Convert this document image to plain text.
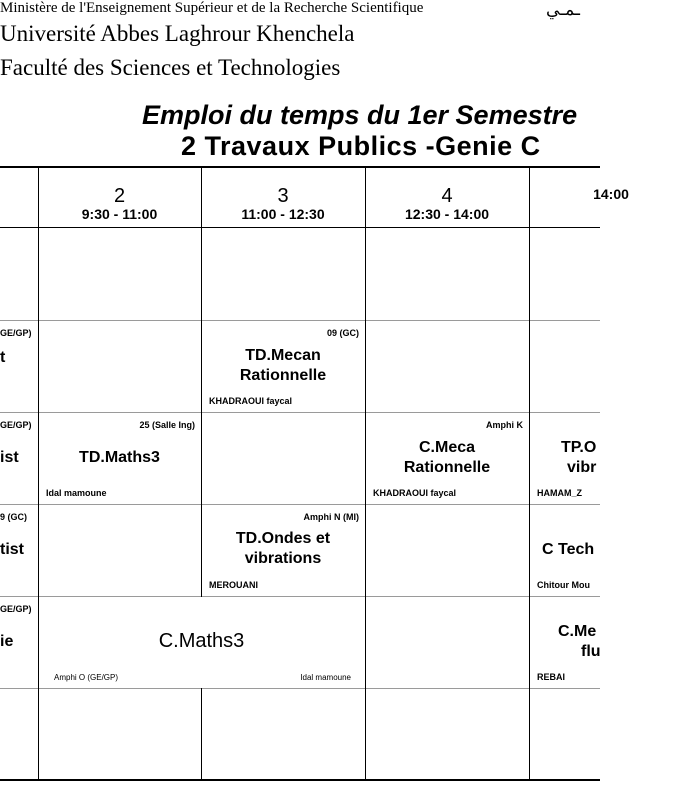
Ministère de l'Enseignement Supérieur et de la Recherche Scientifique
Université Abbes Laghrour Khenchela
Faculté des Sciences et Technologies
ـمـي
Emploi du temps du 1er Semestre
2 Travaux Publics -Genie C
2
9:30 - 11:00
3
11:00 - 12:30
4
12:30 - 14:00
14:00
GE/GP)
t
09 (GC)
TD.Mecan
Rationnelle
KHADRAOUI faycal
GE/GP)
ist
25 (Salle Ing)
TD.Maths3
Idal mamoune
Amphi K
C.Meca
Rationnelle
KHADRAOUI faycal
TP.O
vibr
HAMAM_Z
9 (GC)
tist
Amphi N (MI)
TD.Ondes et
vibrations
MEROUANI
C Tech
Chitour Mou
GE/GP)
ie	C.Maths3
Amphi O (GE/GP)	Idal mamoune
C.Me
flu
REBAI
